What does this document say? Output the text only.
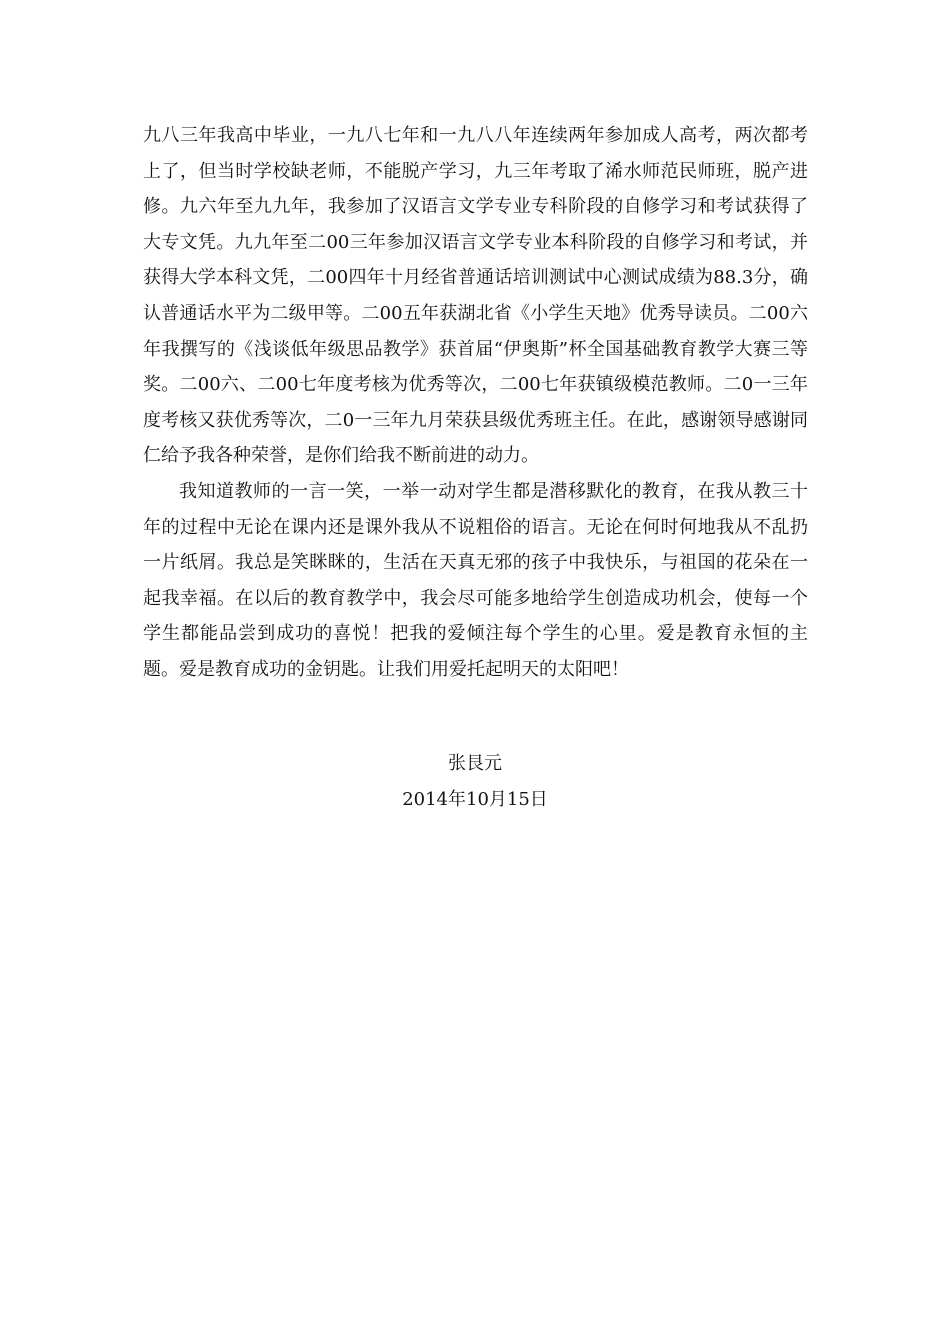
九八三年我高中毕业，一九八七年和一九八八年连续两年参加成人高考，两次都考上了，但当时学校缺老师，不能脱产学习，九三年考取了浠水师范民师班，脱产进修。九六年至九九年，我参加了汉语言文学专业专科阶段的自修学习和考试获得了大专文凭。九九年至二00三年参加汉语言文学专业本科阶段的自修学习和考试，并获得大学本科文凭，二00四年十月经省普通话培训测试中心测试成绩为88.3分，确认普通话水平为二级甲等。二00五年获湖北省《小学生天地》优秀导读员。二00六年我撰写的《浅谈低年级思品教学》获首届“伊奥斯”杯全国基础教育教学大赛三等奖。二00六、二00七年度考核为优秀等次，二00七年获镇级模范教师。二0一三年度考核又获优秀等次，二0一三年九月荣获县级优秀班主任。在此，感谢领导感谢同仁给予我各种荣誉，是你们给我不断前进的动力。

我知道教师的一言一笑，一举一动对学生都是潜移默化的教育，在我从教三十年的过程中无论在课内还是课外我从不说粗俗的语言。无论在何时何地我从不乱扔一片纸屑。我总是笑眯眯的，生活在天真无邪的孩子中我快乐，与祖国的花朵在一起我幸福。在以后的教育教学中，我会尽可能多地给学生创造成功机会，使每一个学生都能品尝到成功的喜悦！把我的爱倾注每个学生的心里。爱是教育永恒的主题。爱是教育成功的金钥匙。让我们用爱托起明天的太阳吧！

张艮元
2014年10月15日
